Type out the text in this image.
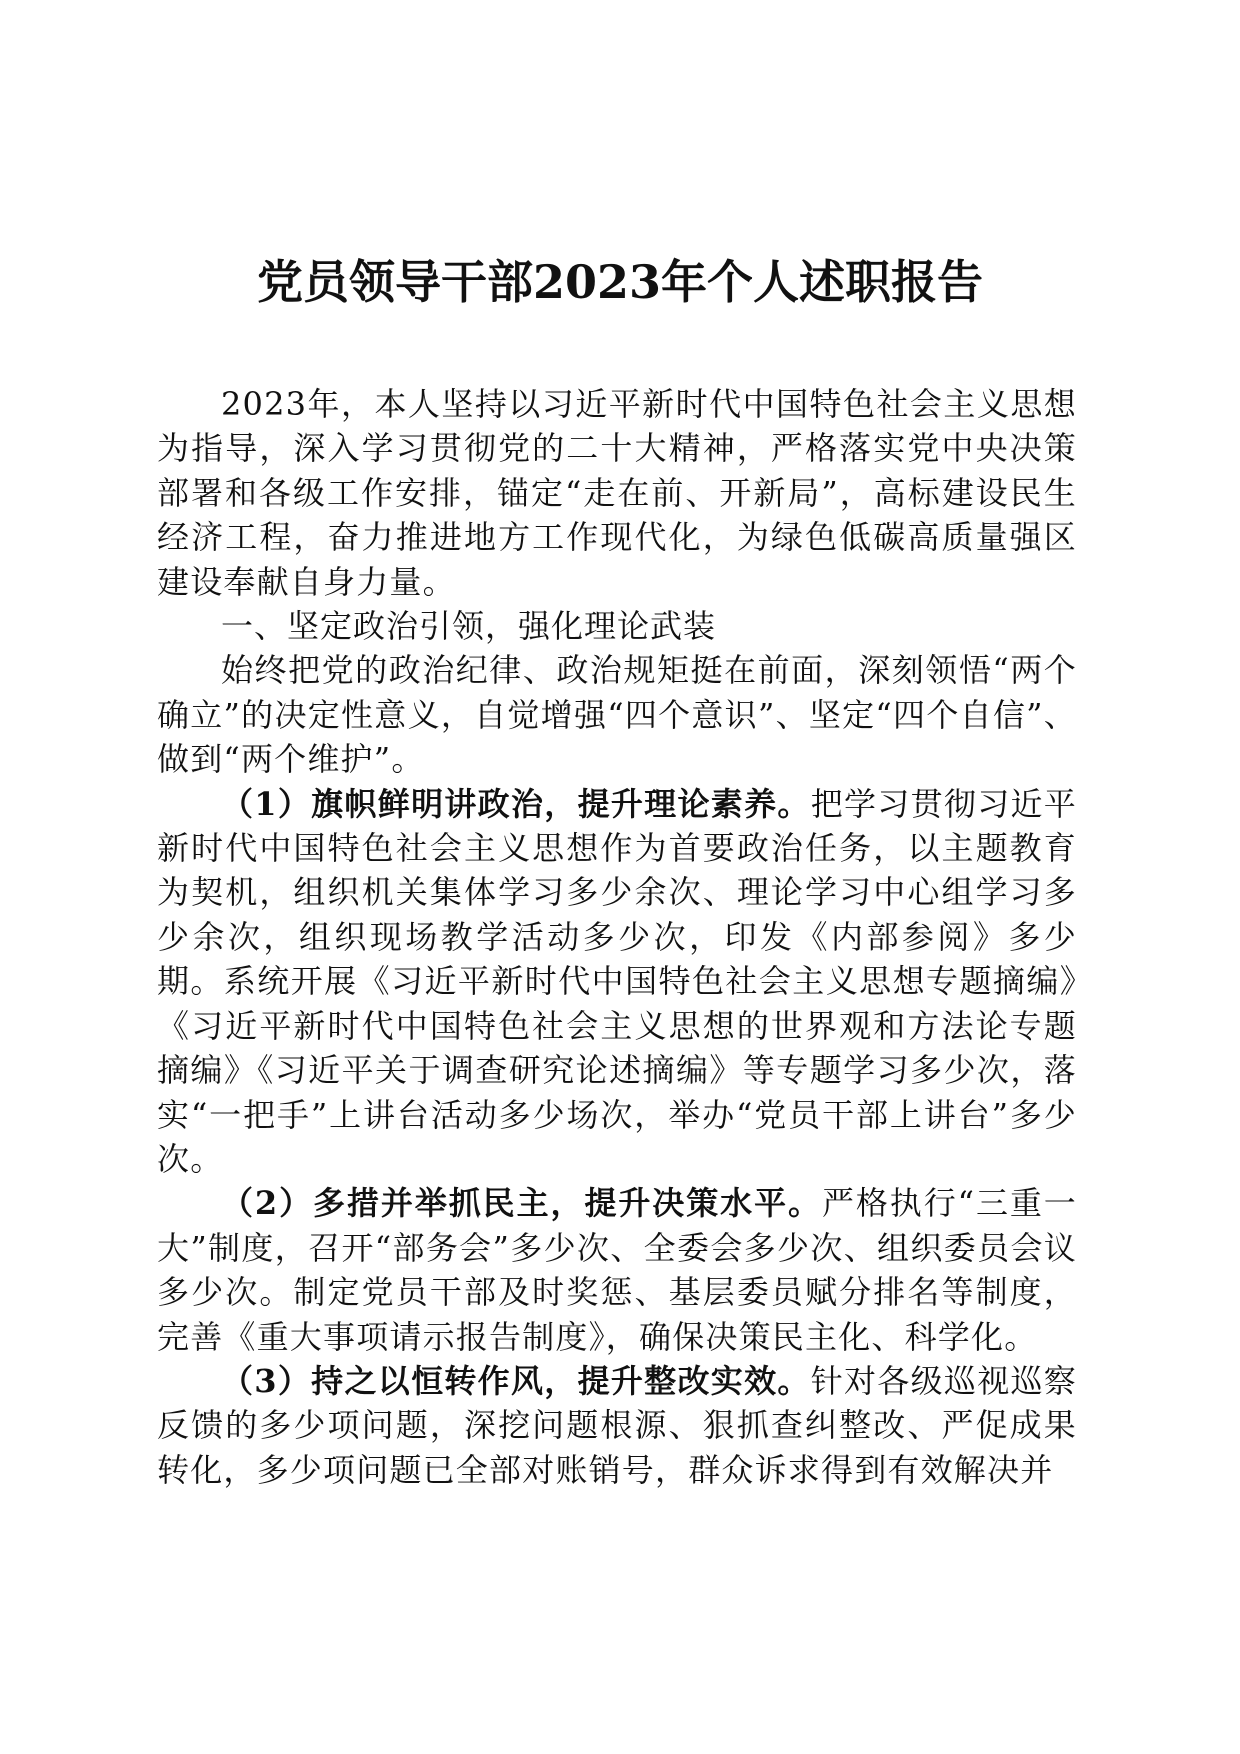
党员领导干部2023年个人述职报告

2023年，本人坚持以习近平新时代中国特色社会主义思想为指导，深入学习贯彻党的二十大精神，严格落实党中央决策部署和各级工作安排，锚定“走在前、开新局”，高标建设民生经济工程，奋力推进地方工作现代化，为绿色低碳高质量强区建设奉献自身力量。

一、坚定政治引领，强化理论武装

始终把党的政治纪律、政治规矩挺在前面，深刻领悟“两个确立”的决定性意义，自觉增强“四个意识”、坚定“四个自信”、做到“两个维护”。

（1）旗帜鲜明讲政治，提升理论素养。把学习贯彻习近平新时代中国特色社会主义思想作为首要政治任务，以主题教育为契机，组织机关集体学习多少余次、理论学习中心组学习多少余次，组织现场教学活动多少次，印发《内部参阅》多少期。系统开展《习近平新时代中国特色社会主义思想专题摘编》《习近平新时代中国特色社会主义思想的世界观和方法论专题摘编》《习近平关于调查研究论述摘编》等专题学习多少次，落实“一把手”上讲台活动多少场次，举办“党员干部上讲台”多少次。

（2）多措并举抓民主，提升决策水平。严格执行“三重一大”制度，召开“部务会”多少次、全委会多少次、组织委员会议多少次。制定党员干部及时奖惩、基层委员赋分排名等制度，完善《重大事项请示报告制度》，确保决策民主化、科学化。

（3）持之以恒转作风，提升整改实效。针对各级巡视巡察反馈的多少项问题，深挖问题根源、狠抓查纠整改、严促成果转化，多少项问题已全部对账销号，群众诉求得到有效解决并
